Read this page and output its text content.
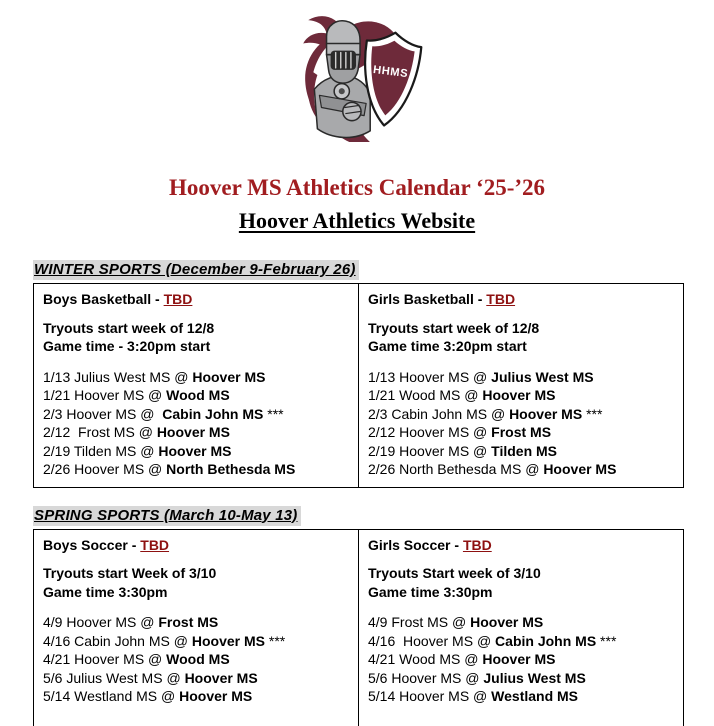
HHMS
Hoover MS Athletics Calendar ‘25-’26
Hoover Athletics Website
WINTER SPORTS (December 9-February 26)
Boys Basketball - TBD
Tryouts start week of 12/8
Game time - 3:20pm start
1/13 Julius West MS @ Hoover MS
1/21 Hoover MS @ Wood MS
2/3 Hoover MS @  Cabin John MS ***
2/12  Frost MS @ Hoover MS
2/19 Tilden MS @ Hoover MS
2/26 Hoover MS @ North Bethesda MS

Girls Basketball - TBD
Tryouts start week of 12/8
Game time 3:20pm start
1/13 Hoover MS @ Julius West MS
1/21 Wood MS @ Hoover MS
2/3 Cabin John MS @ Hoover MS ***
2/12 Hoover MS @ Frost MS
2/19 Hoover MS @ Tilden MS
2/26 North Bethesda MS @ Hoover MS
SPRING SPORTS (March 10-May 13)
Boys Soccer - TBD
Tryouts start Week of 3/10
Game time 3:30pm
4/9 Hoover MS @ Frost MS
4/16 Cabin John MS @ Hoover MS ***
4/21 Hoover MS @ Wood MS
5/6 Julius West MS @ Hoover MS
5/14 Westland MS @ Hoover MS

Girls Soccer - TBD
Tryouts Start week of 3/10
Game time 3:30pm
4/9 Frost MS @ Hoover MS
4/16  Hoover MS @ Cabin John MS ***
4/21 Wood MS @ Hoover MS
5/6 Hoover MS @ Julius West MS
5/14 Hoover MS @ Westland MS
